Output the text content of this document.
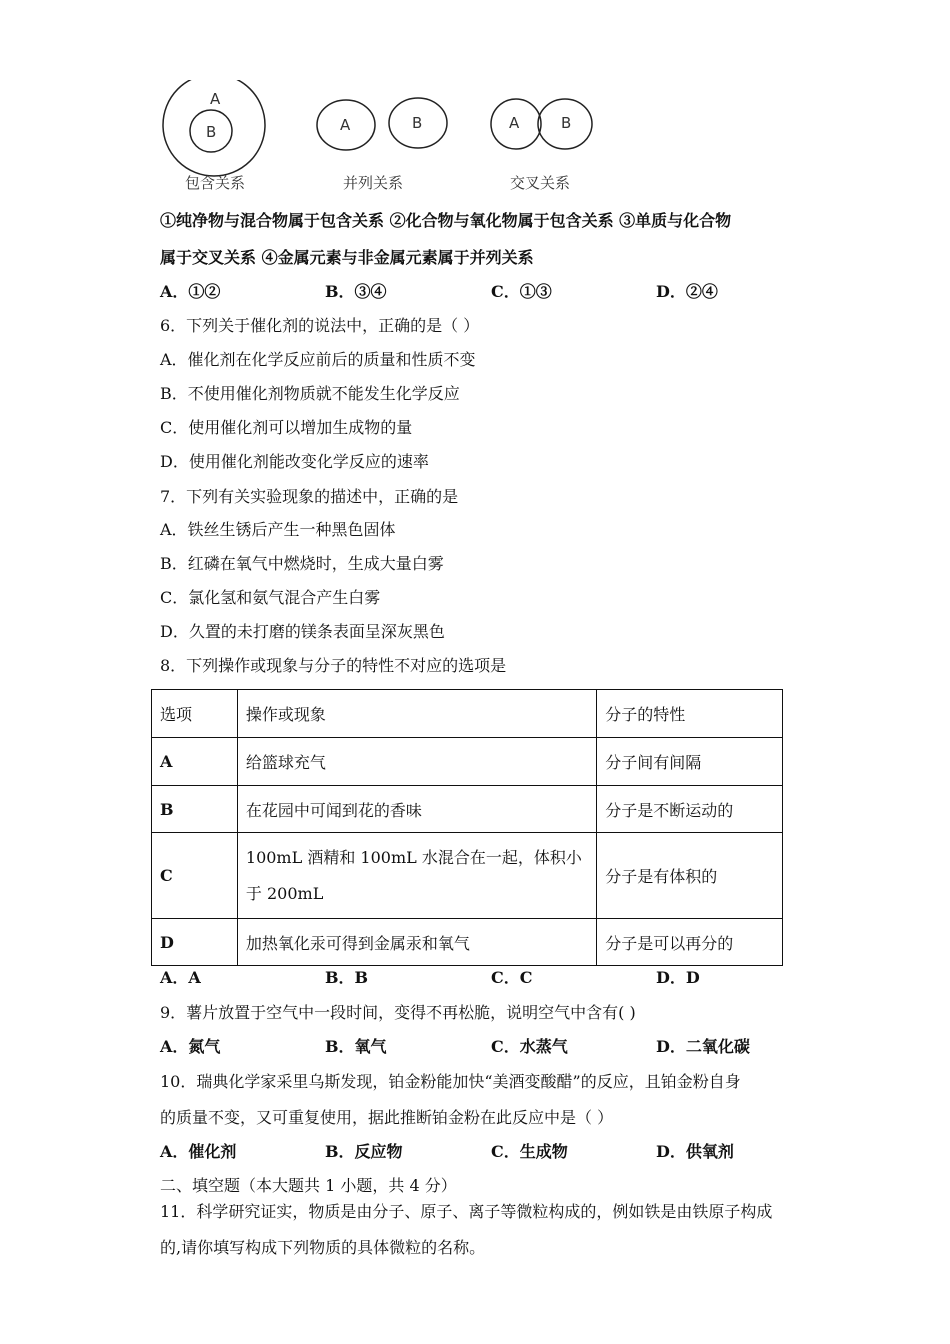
A
B	A	B	A	B
包含关系	并列关系	交叉关系
①纯净物与混合物属于包含关系 ②化合物与氧化物属于包含关系 ③单质与化合物
属于交叉关系 ④金属元素与非金属元素属于并列关系
A．①②	B．③④	C．①③	D．②④
6．下列关于催化剂的说法中，正确的是（ ）
A．催化剂在化学反应前后的质量和性质不变
B．不使用催化剂物质就不能发生化学反应
C．使用催化剂可以增加生成物的量
D．使用催化剂能改变化学反应的速率
7．下列有关实验现象的描述中，正确的是
A．铁丝生锈后产生一种黑色固体
B．红磷在氧气中燃烧时，生成大量白雾
C．氯化氢和氨气混合产生白雾
D．久置的未打磨的镁条表面呈深灰黑色
8．下列操作或现象与分子的特性不对应的选项是
选项	操作或现象	分子的特性
A	给篮球充气	分子间有间隔
B	在花园中可闻到花的香味	分子是不断运动的
C	100mL 酒精和 100mL 水混合在一起，体积小于 200mL	分子是有体积的
D	加热氧化汞可得到金属汞和氧气	分子是可以再分的
A．A	B．B	C．C	D．D
9．薯片放置于空气中一段时间，变得不再松脆，说明空气中含有( )
A．氮气	B．氧气	C．水蒸气	D．二氧化碳
10．瑞典化学家采里乌斯发现，铂金粉能加快“美酒变酸醋”的反应，且铂金粉自身
的质量不变，又可重复使用，据此推断铂金粉在此反应中是（ ）
A．催化剂	B．反应物	C．生成物	D．供氧剂
二、填空题（本大题共 1 小题，共 4 分）
11．科学研究证实，物质是由分子、原子、离子等微粒构成的，例如铁是由铁原子构成
的,请你填写构成下列物质的具体微粒的名称。
